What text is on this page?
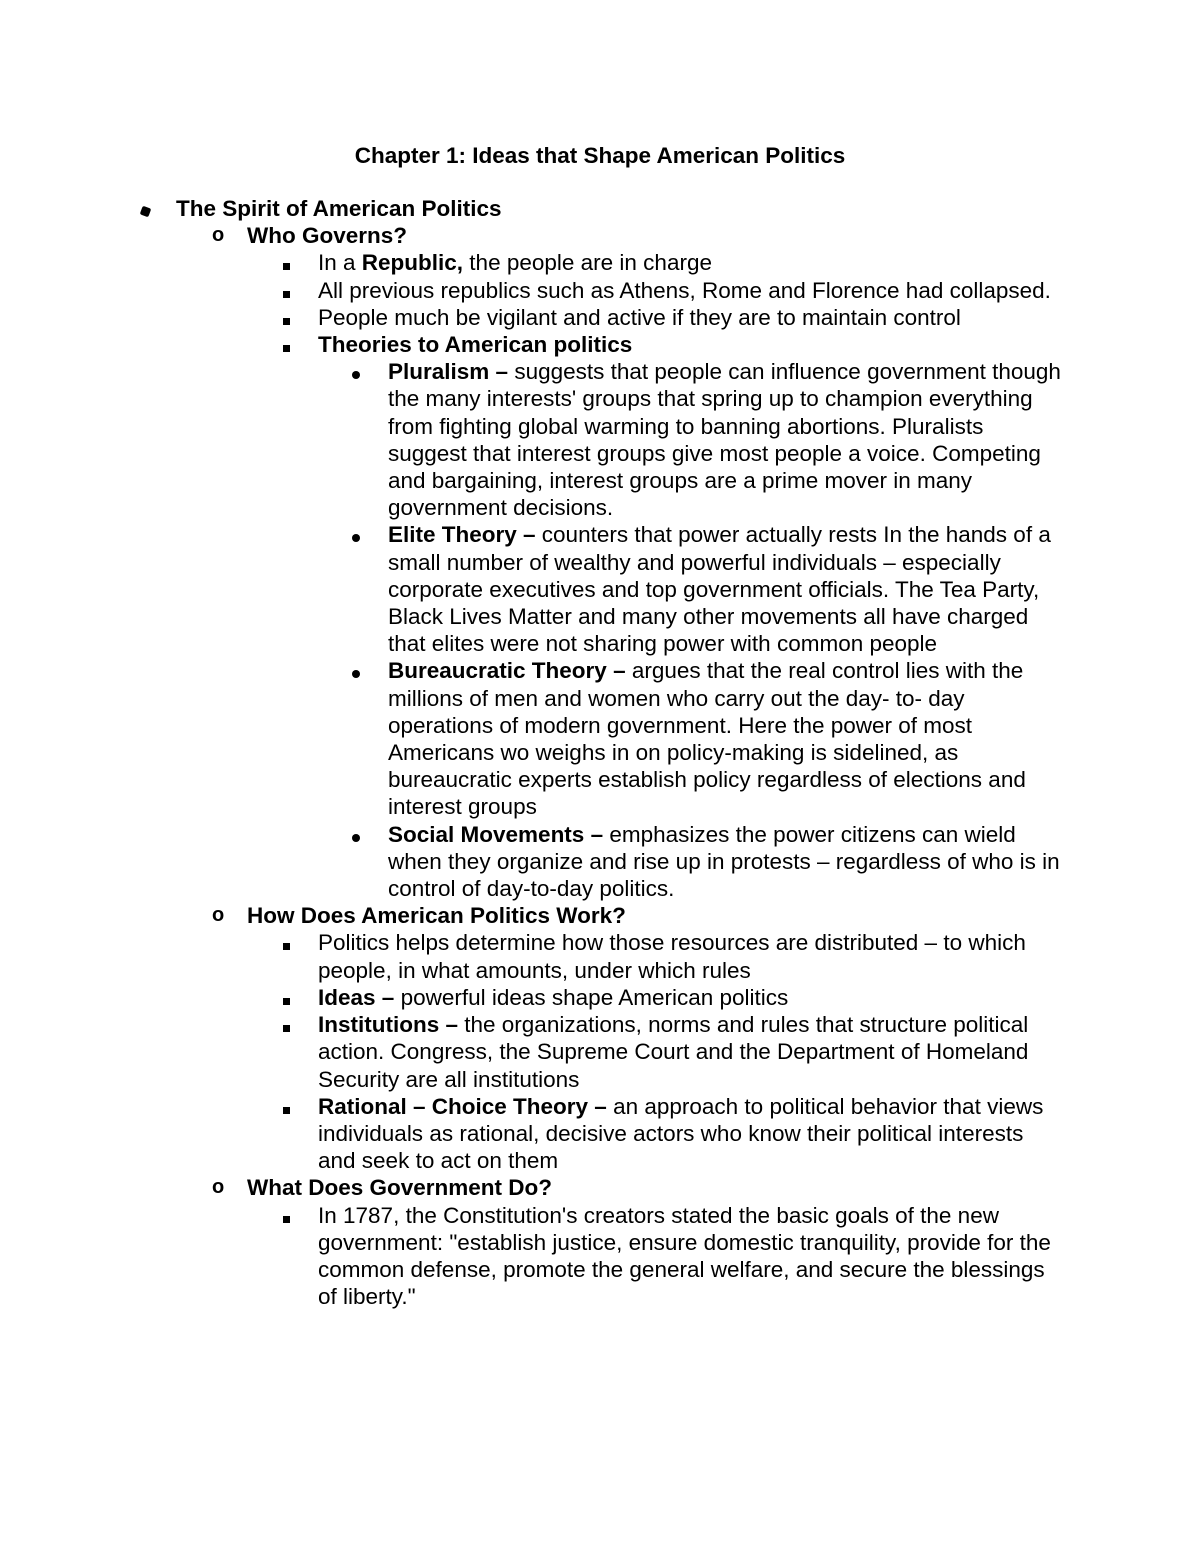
Chapter 1: Ideas that Shape American Politics
The Spirit of American Politics
o	Who Governs?
In a Republic, the people are in charge
All previous republics such as Athens, Rome and Florence had collapsed.
People much be vigilant and active if they are to maintain control
Theories to American politics
Pluralism – suggests that people can influence government though the many interests' groups that spring up to champion everything from fighting global warming to banning abortions. Pluralists suggest that interest groups give most people a voice. Competing and bargaining, interest groups are a prime mover in many government decisions.
Elite Theory – counters that power actually rests In the hands of a small number of wealthy and powerful individuals – especially corporate executives and top government officials. The Tea Party, Black Lives Matter and many other movements all have charged that elites were not sharing power with common people
Bureaucratic Theory – argues that the real control lies with the millions of men and women who carry out the day- to- day operations of modern government. Here the power of most Americans wo weighs in on policy-making is sidelined, as bureaucratic experts establish policy regardless of elections and interest groups
Social Movements – emphasizes the power citizens can wield when they organize and rise up in protests – regardless of who is in control of day-to-day politics.
o	How Does American Politics Work?
Politics helps determine how those resources are distributed – to which people, in what amounts, under which rules
Ideas – powerful ideas shape American politics
Institutions – the organizations, norms and rules that structure political action. Congress, the Supreme Court and the Department of Homeland Security are all institutions
Rational – Choice Theory – an approach to political behavior that views individuals as rational, decisive actors who know their political interests and seek to act on them
o	What Does Government Do?
In 1787, the Constitution's creators stated the basic goals of the new government: "establish justice, ensure domestic tranquility, provide for the common defense, promote the general welfare, and secure the blessings of liberty."
